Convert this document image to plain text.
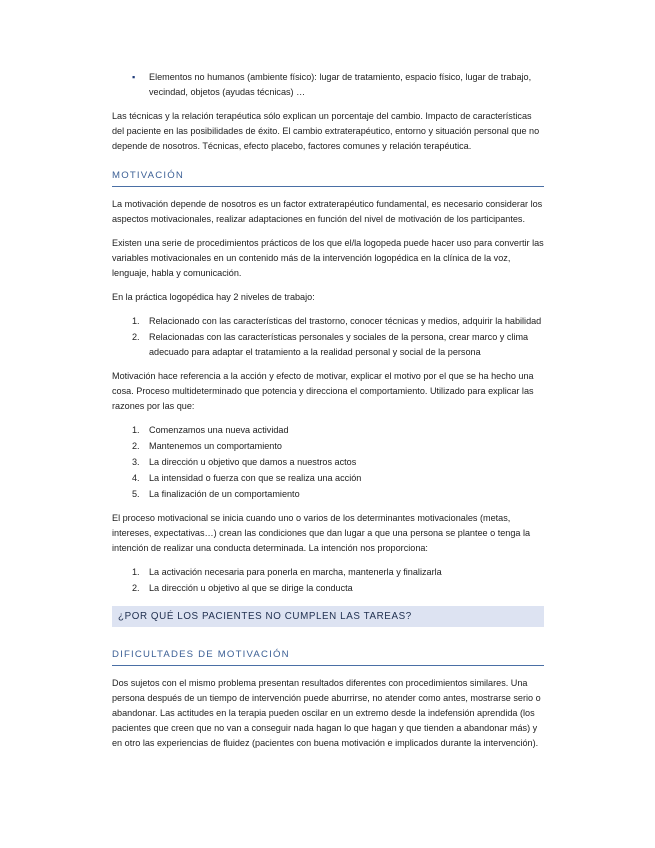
▪ Elementos no humanos (ambiente físico): lugar de tratamiento, espacio físico, lugar de trabajo, vecindad, objetos (ayudas técnicas) …

Las técnicas y la relación terapéutica sólo explican un porcentaje del cambio. Impacto de características del paciente en las posibilidades de éxito. El cambio extraterapéutico, entorno y situación personal que no depende de nosotros. Técnicas, efecto placebo, factores comunes y relación terapéutica.

MOTIVACIÓN

La motivación depende de nosotros es un factor extraterapéutico fundamental, es necesario considerar los aspectos motivacionales, realizar adaptaciones en función del nivel de motivación de los participantes.

Existen una serie de procedimientos prácticos de los que el/la logopeda puede hacer uso para convertir las variables motivacionales en un contenido más de la intervención logopédica en la clínica de la voz, lenguaje, habla y comunicación.

En la práctica logopédica hay 2 niveles de trabajo:

1. Relacionado con las características del trastorno, conocer técnicas y medios, adquirir la habilidad
2. Relacionadas con las características personales y sociales de la persona, crear marco y clima adecuado para adaptar el tratamiento a la realidad personal y social de la persona

Motivación hace referencia a la acción y efecto de motivar, explicar el motivo por el que se ha hecho una cosa. Proceso multideterminado que potencia y direcciona el comportamiento. Utilizado para explicar las razones por las que:

1. Comenzamos una nueva actividad
2. Mantenemos un comportamiento
3. La dirección u objetivo que damos a nuestros actos
4. La intensidad o fuerza con que se realiza una acción
5. La finalización de un comportamiento

El proceso motivacional se inicia cuando uno o varios de los determinantes motivacionales (metas, intereses, expectativas…) crean las condiciones que dan lugar a que una persona se plantee o tenga la intención de realizar una conducta determinada. La intención nos proporciona:

1. La activación necesaria para ponerla en marcha, mantenerla y finalizarla
2. La dirección u objetivo al que se dirige la conducta
¿POR QUÉ LOS PACIENTES NO CUMPLEN LAS TAREAS?
DIFICULTADES DE MOTIVACIÓN

Dos sujetos con el mismo problema presentan resultados diferentes con procedimientos similares. Una persona después de un tiempo de intervención puede aburrirse, no atender como antes, mostrarse serio o abandonar. Las actitudes en la terapia pueden oscilar en un extremo desde la indefensión aprendida (los pacientes que creen que no van a conseguir nada hagan lo que hagan y que tienden a abandonar más) y en otro las experiencias de fluidez (pacientes con buena motivación e implicados durante la intervención).
